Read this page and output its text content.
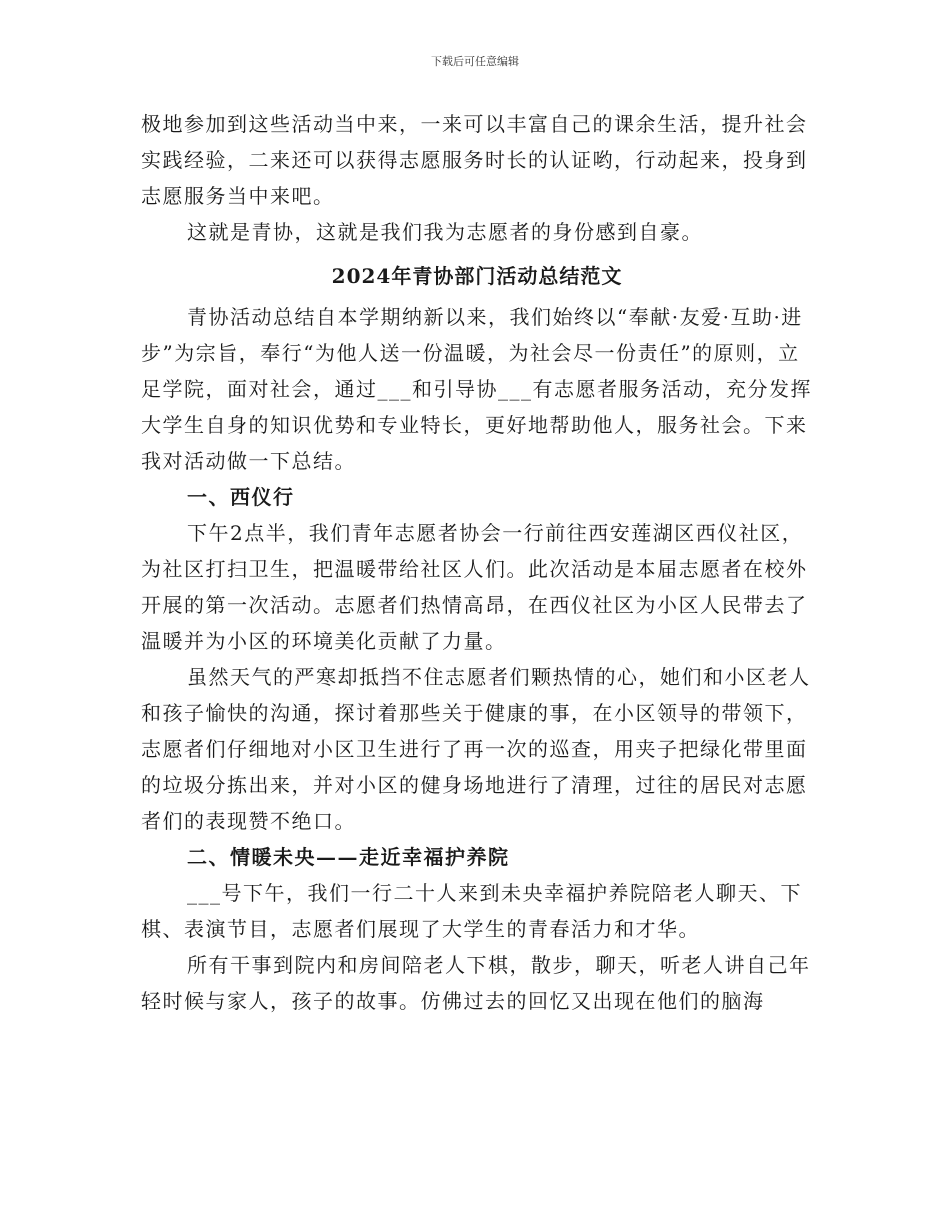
下载后可任意编辑

极地参加到这些活动当中来，一来可以丰富自己的课余生活，提升社会实践经验，二来还可以获得志愿服务时长的认证哟，行动起来，投身到志愿服务当中来吧。

这就是青协，这就是我们我为志愿者的身份感到自豪。

2024年青协部门活动总结范文

青协活动总结自本学期纳新以来，我们始终以“奉献·友爱·互助·进步”为宗旨，奉行“为他人送一份温暖，为社会尽一份责任”的原则，立足学院，面对社会，通过___和引导协___有志愿者服务活动，充分发挥大学生自身的知识优势和专业特长，更好地帮助他人，服务社会。下来我对活动做一下总结。

一、西仪行

下午2点半，我们青年志愿者协会一行前往西安莲湖区西仪社区，为社区打扫卫生，把温暖带给社区人们。此次活动是本届志愿者在校外开展的第一次活动。志愿者们热情高昂，在西仪社区为小区人民带去了温暖并为小区的环境美化贡献了力量。

虽然天气的严寒却抵挡不住志愿者们颗热情的心，她们和小区老人和孩子愉快的沟通，探讨着那些关于健康的事，在小区领导的带领下，志愿者们仔细地对小区卫生进行了再一次的巡查，用夹子把绿化带里面的垃圾分拣出来，并对小区的健身场地进行了清理，过往的居民对志愿者们的表现赞不绝口。

二、情暖未央——走近幸福护养院

___号下午，我们一行二十人来到未央幸福护养院陪老人聊天、下棋、表演节目，志愿者们展现了大学生的青春活力和才华。

所有干事到院内和房间陪老人下棋，散步，聊天，听老人讲自己年轻时候与家人，孩子的故事。仿佛过去的回忆又出现在他们的脑海
